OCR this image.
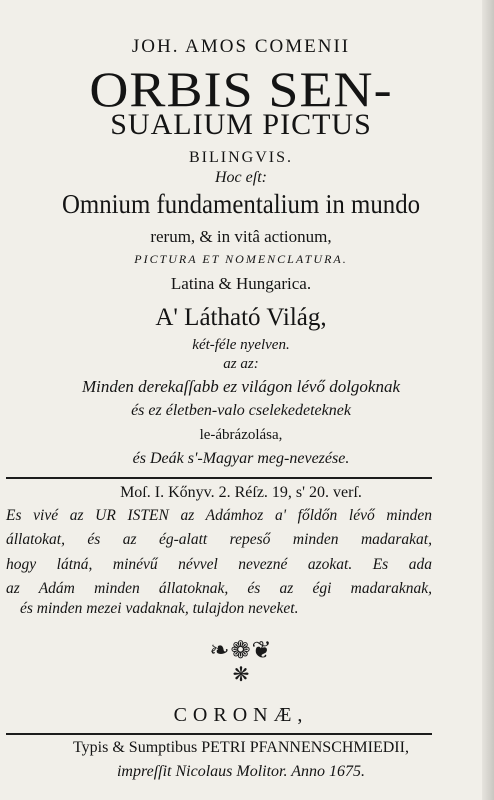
JOH. AMOS COMENII
ORBIS SEN-
SUALIUM PICTUS
BILINGVIS.
Hoc eſt:
Omnium fundamentalium in mundo
rerum, & in vitâ actionum,
PICTURA ET NOMENCLATURA.
Latina & Hungarica.
A' Látható Világ,
két-féle nyelven.
az az:
Minden derekaſſabb ez világon lévő dolgoknak
és ez életben-valo cselekedeteknek
le-ábrázolása,
és Deák s'-Magyar meg-nevezése.
Moſ. I. Kőnyv. 2. Réſz. 19, s' 20. verſ.
Es vivé az UR ISTEN az Adámhoz a' főldőn lévő minden
állatokat, és az ég-alatt repeső minden madarakat,
hogy látná, minévű névvel nevezné azokat. Es ada
az Adám minden állatoknak, és az égi madaraknak,
és minden mezei vadaknak, tulajdon neveket.
❧❁❦
❋
CORONÆ,
Typis & Sumptibus PETRI PFANNENSCHMIEDII,
impreſſit Nicolaus Molitor. Anno 1675.
